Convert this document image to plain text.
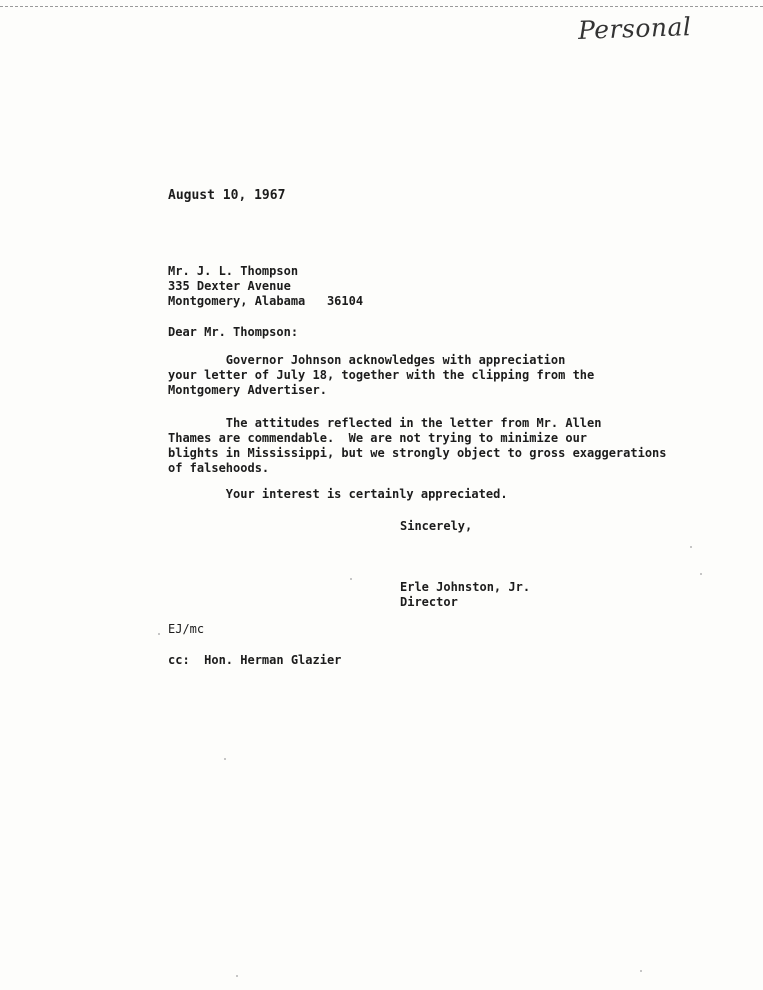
Personal
August 10, 1967
Mr. J. L. Thompson
335 Dexter Avenue
Montgomery, Alabama   36104
Dear Mr. Thompson:
Governor Johnson acknowledges with appreciation
your letter of July 18, together with the clipping from the
Montgomery Advertiser.
The attitudes reflected in the letter from Mr. Allen
Thames are commendable.  We are not trying to minimize our
blights in Mississippi, but we strongly object to gross exaggerations
of falsehoods.
Your interest is certainly appreciated.
Sincerely,
Erle Johnston, Jr.
Director
EJ/mc
cc:  Hon. Herman Glazier
